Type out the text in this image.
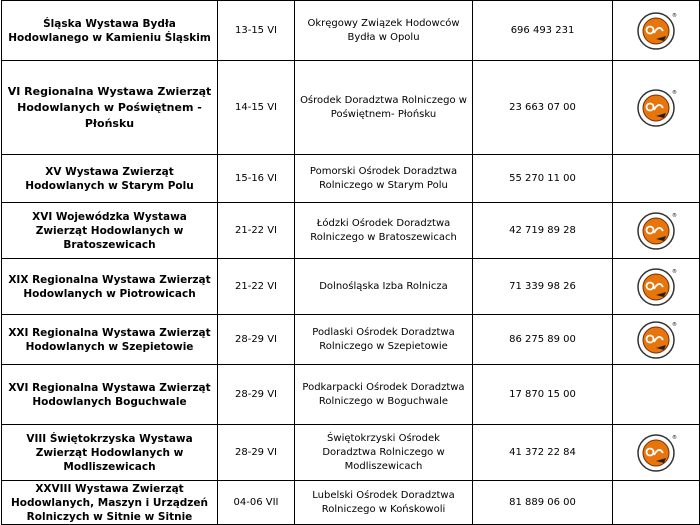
Śląska Wystawa Bydła Hodowlanego w Kamieniu Śląskim	13-15 VI	Okręgowy Związek Hodowców Bydła w Opolu	696 493 231	®

VI Regionalna Wystawa Zwierząt Hodowlanych w Poświętnem - Płońsku	14-15 VI	Ośrodek Doradztwa Rolniczego w Poświętnem- Płońsku	23 663 07 00	®

XV Wystawa Zwierząt Hodowlanych w Starym Polu	15-16 VI	Pomorski Ośrodek Doradztwa Rolniczego w Starym Polu	55 270 11 00	
XVI Wojewódzka Wystawa Zwierząt Hodowlanych w Bratoszewicach	21-22 VI	Łódzki Ośrodek Doradztwa Rolniczego w Bratoszewicach	42 719 89 28	®

XIX Regionalna Wystawa Zwierząt Hodowlanych w Piotrowicach	21-22 VI	Dolnośląska Izba Rolnicza	71 339 98 26	®

XXI Regionalna Wystawa Zwierząt Hodowlanych w Szepietowie	28-29 VI	Podlaski Ośrodek Doradztwa Rolniczego w Szepietowie	86 275 89 00	®

XVI Regionalna Wystawa Zwierząt Hodowlanych Boguchwale	28-29 VI	Podkarpacki Ośrodek Doradztwa Rolniczego w Boguchwale	17 870 15 00	
VIII Świętokrzyska Wystawa Zwierząt Hodowlanych w Modliszewicach	28-29 VI	Świętokrzyski Ośrodek Doradztwa Rolniczego w Modliszewicach	41 372 22 84	®

XXVIII Wystawa Zwierząt Hodowlanych, Maszyn i Urządzeń Rolniczych w Sitnie w Sitnie	04-06 VII	Lubelski Ośrodek Doradztwa Rolniczego w Końskowoli	81 889 06 00	
